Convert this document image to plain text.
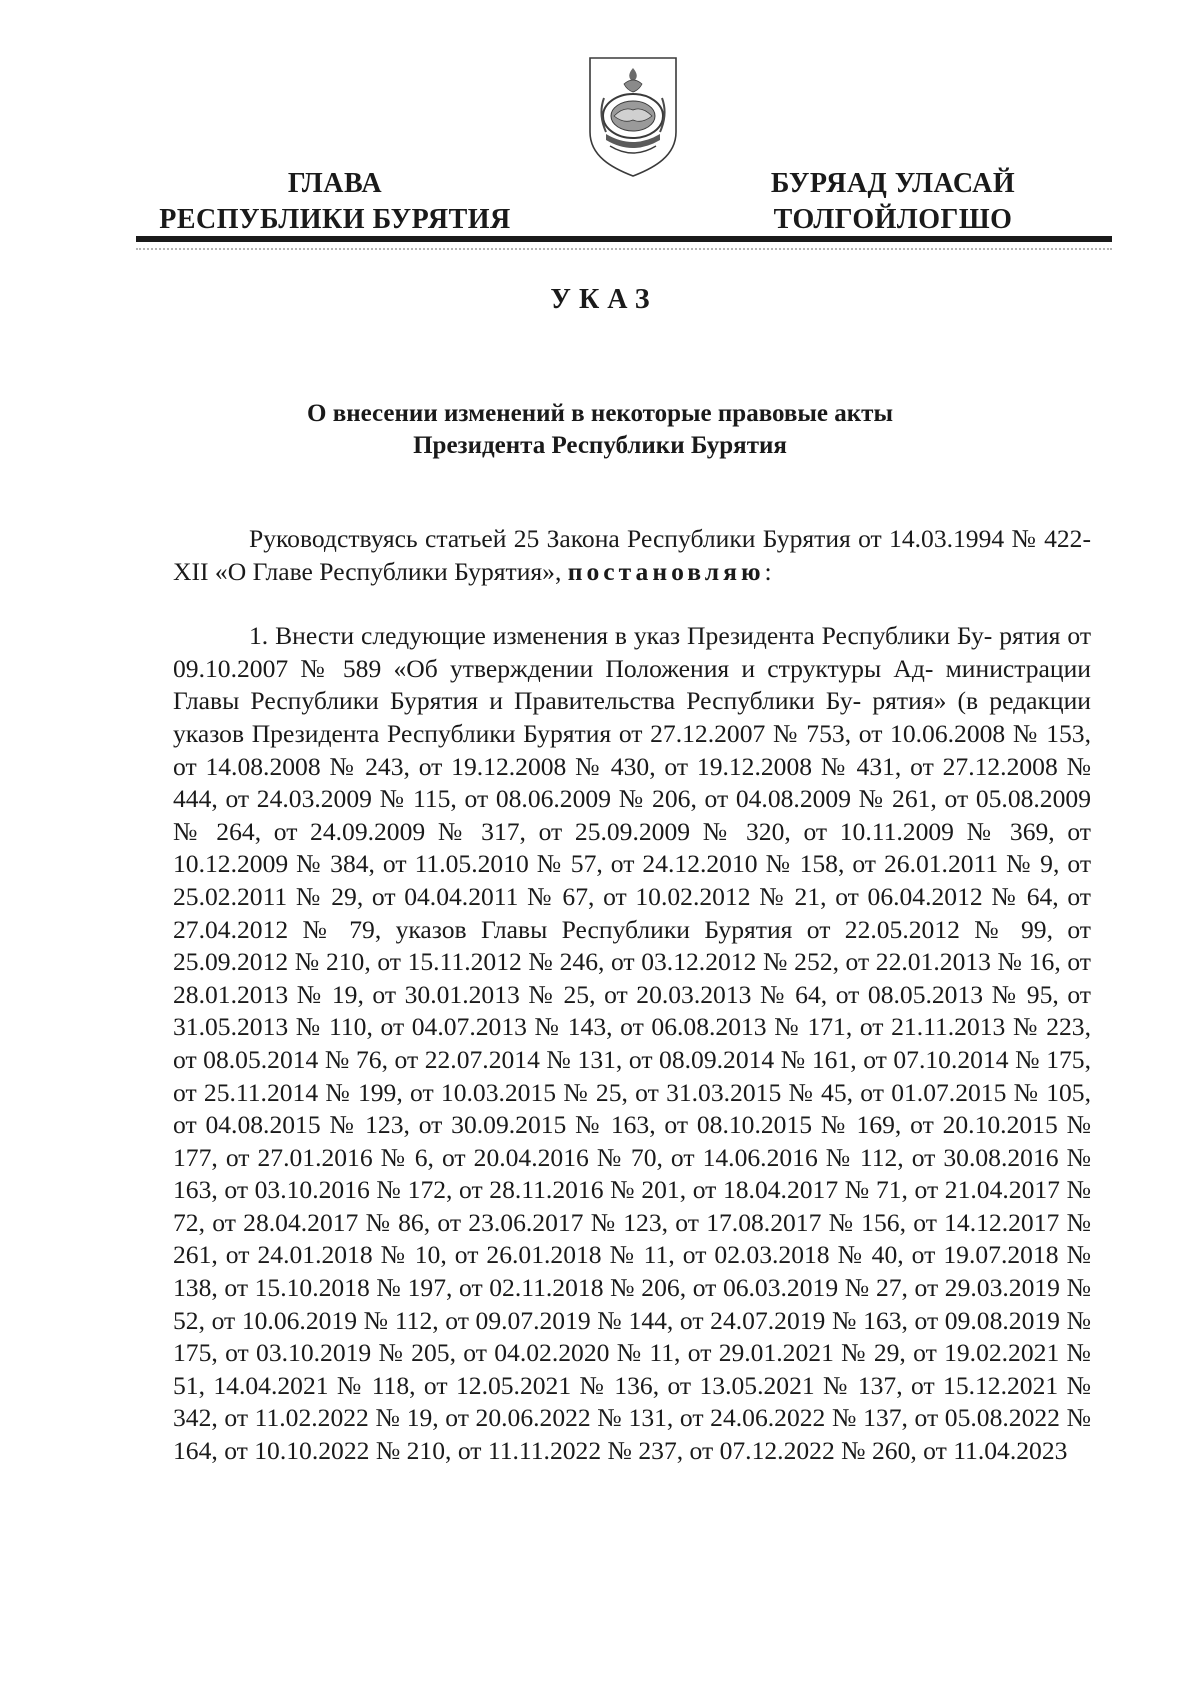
ГЛАВА
РЕСПУБЛИКИ БУРЯТИЯ
БУРЯАД УЛАСАЙ
ТОЛГОЙЛОГШО
УКАЗ
О внесении изменений в некоторые правовые акты
Президента Республики Бурятия

Руководствуясь статьей 25 Закона Республики Бурятия от 14.03.1994 № 422-XII «О Главе Республики Бурятия», постановляю:

1. Внести следующие изменения в указ Президента Республики Бу- рятия от 09.10.2007 № 589 «Об утверждении Положения и структуры Ад- министрации Главы Республики Бурятия и Правительства Республики Бу- рятия» (в редакции указов Президента Республики Бурятия от 27.12.2007 № 753, от 10.06.2008 № 153, от 14.08.2008 № 243, от 19.12.2008 № 430, от 19.12.2008 № 431, от 27.12.2008 № 444, от 24.03.2009 № 115, от 08.06.2009 № 206, от 04.08.2009 № 261, от 05.08.2009 № 264, от 24.09.2009 № 317, от 25.09.2009 № 320, от 10.11.2009 № 369, от 10.12.2009 № 384, от 11.05.2010 № 57, от 24.12.2010 № 158, от 26.01.2011 № 9, от 25.02.2011 № 29, от 04.04.2011 № 67, от 10.02.2012 № 21, от 06.04.2012 № 64, от 27.04.2012 № 79, указов Главы Республики Бурятия от 22.05.2012 № 99, от 25.09.2012 № 210, от 15.11.2012 № 246, от 03.12.2012 № 252, от 22.01.2013 № 16, от 28.01.2013 № 19, от 30.01.2013 № 25, от 20.03.2013 № 64, от 08.05.2013 № 95, от 31.05.2013 № 110, от 04.07.2013 № 143, от 06.08.2013 № 171, от 21.11.2013 № 223, от 08.05.2014 № 76, от 22.07.2014 № 131, от 08.09.2014 № 161, от 07.10.2014 № 175, от 25.11.2014 № 199, от 10.03.2015 № 25, от 31.03.2015 № 45, от 01.07.2015 № 105, от 04.08.2015 № 123, от 30.09.2015 № 163, от 08.10.2015 № 169, от 20.10.2015 № 177, от 27.01.2016 № 6, от 20.04.2016 № 70, от 14.06.2016 № 112, от 30.08.2016 № 163, от 03.10.2016 № 172, от 28.11.2016 № 201, от 18.04.2017 № 71, от 21.04.2017 № 72, от 28.04.2017 № 86, от 23.06.2017 № 123, от 17.08.2017 № 156, от 14.12.2017 № 261, от 24.01.2018 № 10, от 26.01.2018 № 11, от 02.03.2018 № 40, от 19.07.2018 № 138, от 15.10.2018 № 197, от 02.11.2018 № 206, от 06.03.2019 № 27, от 29.03.2019 № 52, от 10.06.2019 № 112, от 09.07.2019 № 144, от 24.07.2019 № 163, от 09.08.2019 № 175, от 03.10.2019 № 205, от 04.02.2020 № 11, от 29.01.2021 № 29, от 19.02.2021 № 51, 14.04.2021 № 118, от 12.05.2021 № 136, от 13.05.2021 № 137, от 15.12.2021 № 342, от 11.02.2022 № 19, от 20.06.2022 № 131, от 24.06.2022 № 137, от 05.08.2022 № 164, от 10.10.2022 № 210, от 11.11.2022 № 237, от 07.12.2022 № 260, от 11.04.2023
